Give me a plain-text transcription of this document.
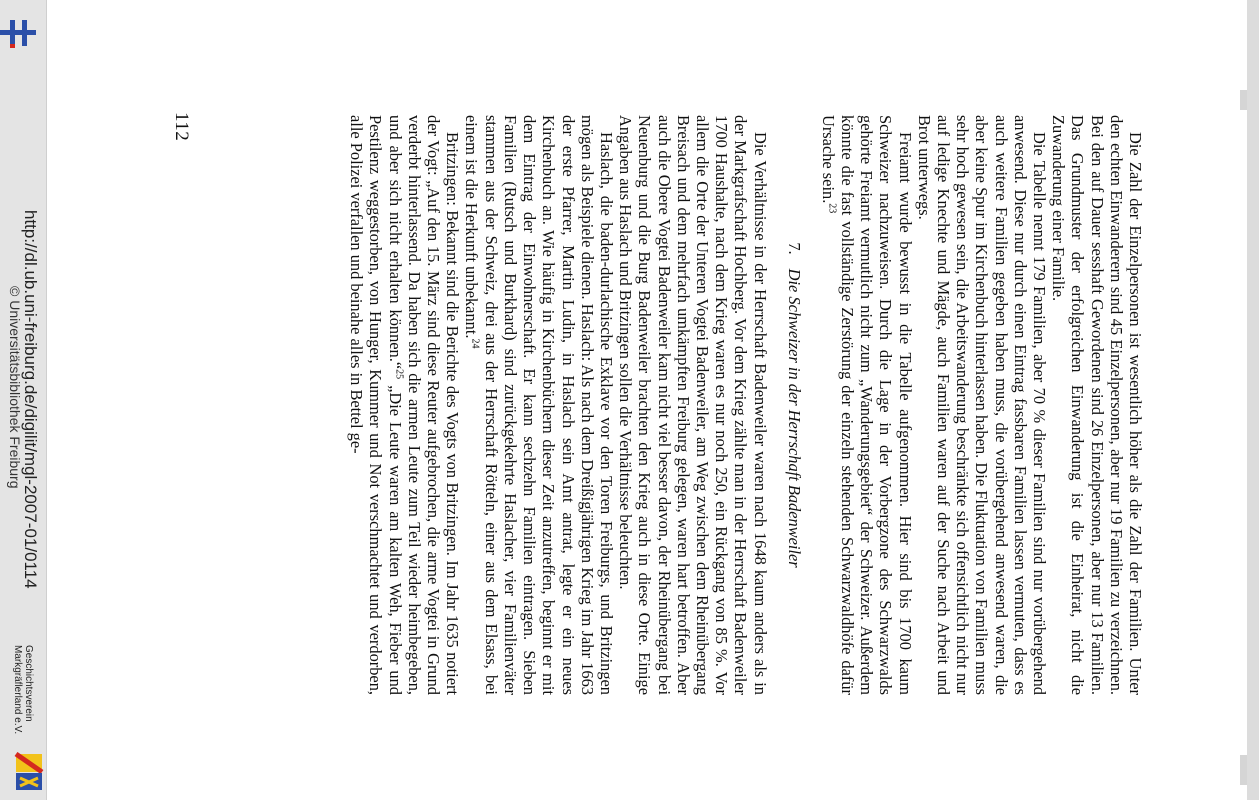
112
http://dl.ub.uni-freiburg.de/digilit/mgl-2007-01/0114
© Universitätsbibliothek Freiburg
Geschichtsverein
Markgräflerland e.V.	Die Zahl der Einzelpersonen ist wesentlich höher als die Zahl der Familien. Unter den echten Einwanderern sind 45 Einzelpersonen, aber nur 19 Familien zu verzeichnen. Bei den auf Dauer sesshaft Gewordenen sind 26 Einzelpersonen, aber nur 13 Familien. Das Grundmuster der erfolgreichen Einwanderung ist die Einheirat, nicht die Zuwanderung einer Familie.

Die Tabelle nennt 179 Familien, aber 70 % dieser Familien sind nur vorübergehend anwesend. Diese nur durch einen Eintrag fassbaren Familien lassen vermuten, dass es auch weitere Familien gegeben haben muss, die vorübergehend anwesend waren, die aber keine Spur im Kirchenbuch hinterlassen haben. Die Fluktuation von Familien muss sehr hoch gewesen sein, die Arbeitswanderung beschränkte sich offensichtlich nicht nur auf ledige Knechte und Mägde, auch Familien waren auf der Suche nach Arbeit und Brot unterwegs.

Freiamt wurde bewusst in die Tabelle aufgenommen. Hier sind bis 1700 kaum Schweizer nachzuweisen. Durch die Lage in der Vorbergzone des Schwarzwalds gehörte Freiamt vermutlich nicht zum „Wanderungsgebiet“ der Schweizer. Außerdem könnte die fast vollständige Zerstörung der einzeln stehenden Schwarzwaldhöfe dafür Ursache sein.$^{23}$

7.Die Schweizer in der Herrschaft Badenweiler

Die Verhältnisse in der Herrschaft Badenweiler waren nach 1648 kaum anders als in der Markgrafschaft Hochberg. Vor dem Krieg zählte man in der Herrschaft Badenweiler 1700 Haushalte, nach dem Krieg waren es nur noch 250, ein Rückgang von 85 %. Vor allem die Orte der Unteren Vogtei Badenweiler, am Weg zwischen dem Rheinübergang Breisach und dem mehrfach umkämpften Freiburg gelegen, waren hart betroffen. Aber auch die Obere Vogtei Badenweiler kam nicht viel besser davon, der Rheinübergang bei Neuenburg und die Burg Badenweiler brachten den Krieg auch in diese Orte. Einige Angaben aus Haslach und Britzingen sollen die Verhältnisse beleuchten.

Haslach, die baden-durlachische Exklave vor den Toren Freiburgs, und Britzingen mögen als Beispiele dienen. Haslach: Als nach dem Dreißigjährigen Krieg im Jahr 1663 der erste Pfarrer, Martin Ludin, in Haslach sein Amt antrat, legte er ein neues Kirchenbuch an. Wie häufig in Kirchenbüchern dieser Zeit anzutreffen, beginnt er mit dem Eintrag der Einwohnerschaft. Er kann sechzehn Familien eintragen. Sieben Familien (Rutsch und Burkhard) sind zurückgekehrte Haslacher, vier Familienväter stammen aus der Schweiz, drei aus der Herrschaft Rötteln, einer aus dem Elsass, bei einem ist die Herkunft unbekannt.$^{24}$

Britzingen: Bekannt sind die Berichte des Vogts von Britzingen. Im Jahr 1635 notiert der Vogt: „Auf den 15. März sind diese Reuter aufgebrochen, die arme Vogtei in Grund verderbt hinterlassend. Da haben sich die armen Leute zum Teil wieder heimbegeben, und aber sich nicht erhalten können.“$^{25}$ „Die Leute waren am kalten Weh, Fieber und Pestilenz weggestorben, von Hunger, Kummer und Not verschmachtet und verdorben, alle Polizei verfallen und beinahe alles in Bettel ge-
